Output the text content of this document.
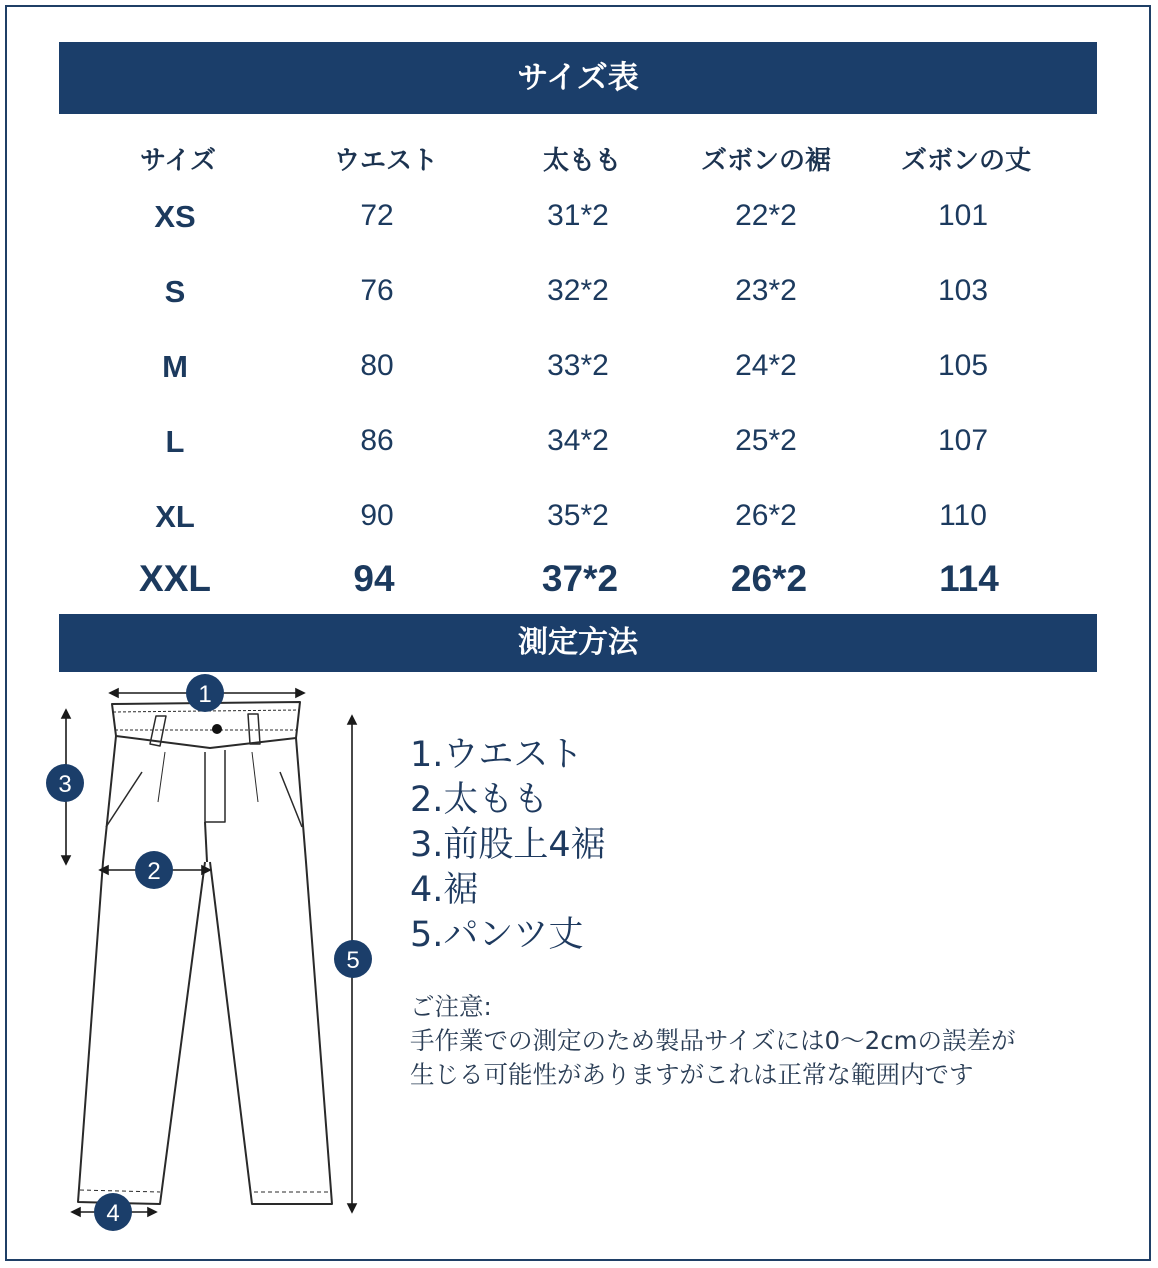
サイズ表
サイズ	ウエスト	太もも	ズボンの裾	ズボンの丈
XS	72	31*2	22*2	101
S	76	32*2	23*2	103
M	80	33*2	24*2	105
L	86	34*2	25*2	107
XL	90	35*2	26*2	110
XXL	94	37*2	26*2	114
測定方法
1
3
2
5
4
1.ウエスト
2.太もも
3.前股上4裾
4.裾
5.パンツ丈
ご注意:
手作業での測定のため製品サイズには0〜2cmの誤差が
生じる可能性がありますがこれは正常な範囲内です
